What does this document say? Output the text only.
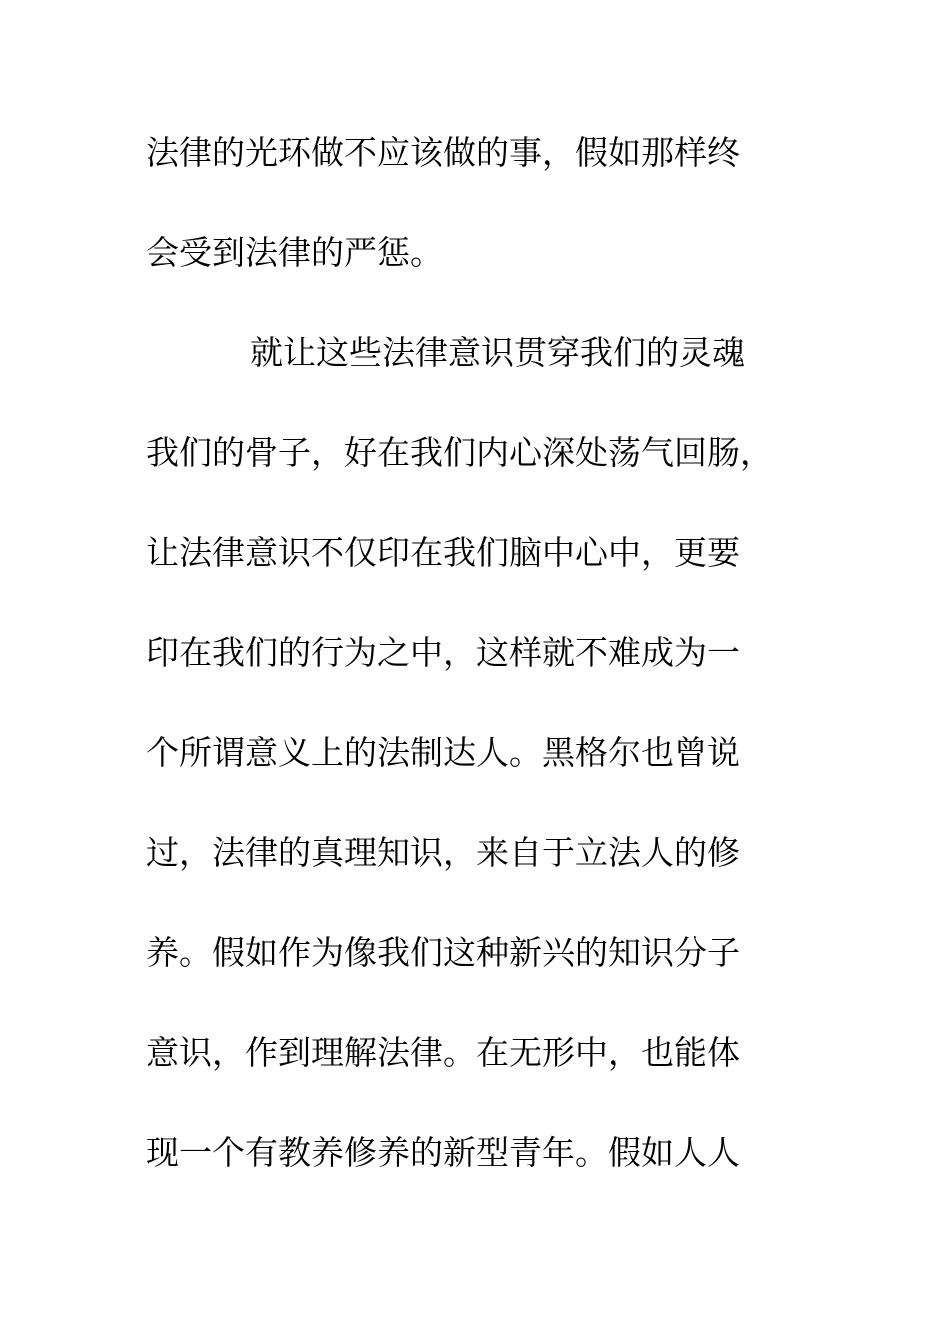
法律的光环做不应该做的事，假如那样终
会受到法律的严惩。
就让这些法律意识贯穿我们的灵魂
我们的骨子，好在我们内心深处荡气回肠，
让法律意识不仅印在我们脑中心中，更要
印在我们的行为之中，这样就不难成为一
个所谓意义上的法制达人。黑格尔也曾说
过，法律的真理知识，来自于立法人的修
养。假如作为像我们这种新兴的知识分子
意识，作到理解法律。在无形中，也能体
现一个有教养修养的新型青年。假如人人
